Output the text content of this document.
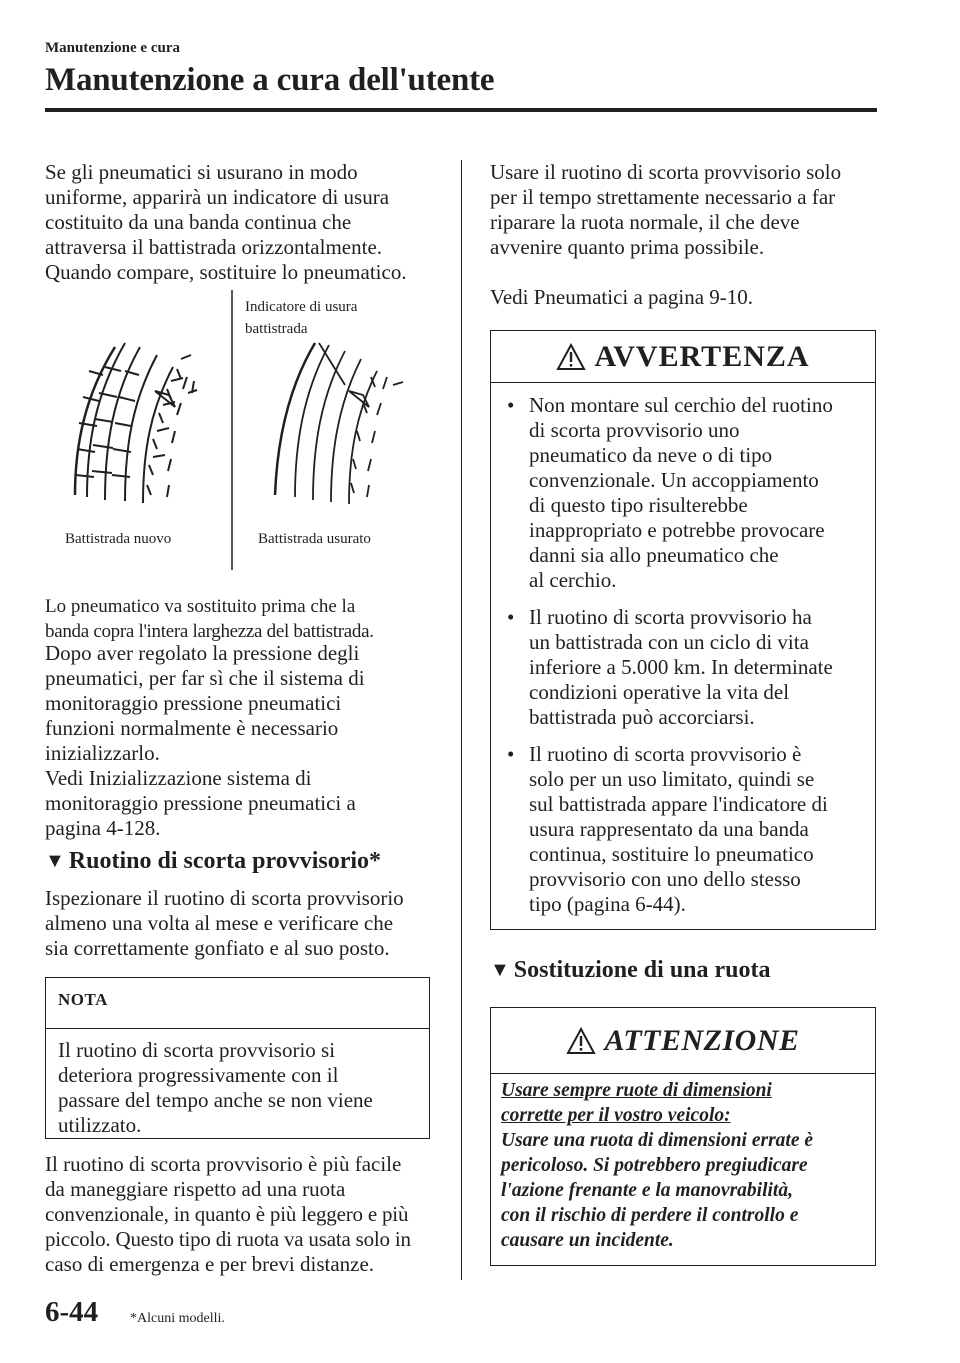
Manutenzione e cura
Manutenzione a cura dell'utente

Se gli pneumatici si usurano in modo

uniforme, apparirà un indicatore di usura

costituito da una banda continua che

attraversa il battistrada orizzontalmente.

Quando compare, sostituire lo pneumatico.

Indicatore di usura
battistrada
Battistrada nuovo	Battistrada usurato

Lo pneumatico va sostituito prima che la

banda copra l'intera larghezza del battistrada.

Dopo aver regolato la pressione degli

pneumatici, per far sì che il sistema di

monitoraggio pressione pneumatici

funzioni normalmente è necessario

inizializzarlo.

Vedi Inizializzazione sistema di

monitoraggio pressione pneumatici a

pagina 4-128.

▼ Ruotino di scorta provvisorio*

Ispezionare il ruotino di scorta provvisorio

almeno una volta al mese e verificare che

sia correttamente gonfiato e al suo posto.

NOTA
Il ruotino di scorta provvisorio si
deteriora progressivamente con il
passare del tempo anche se non viene
utilizzato.

Il ruotino di scorta provvisorio è più facile

da maneggiare rispetto ad una ruota

convenzionale, in quanto è più leggero e più

piccolo. Questo tipo di ruota va usata solo in

caso di emergenza e per brevi distanze.

Usare il ruotino di scorta provvisorio solo

per il tempo strettamente necessario a far

riparare la ruota normale, il che deve

avvenire quanto prima possibile.

Vedi Pneumatici a pagina 9-10.
AVVERTENZA
• Non montare sul cerchio del ruotino
di scorta provvisorio uno
pneumatico da neve o di tipo
convenzionale. Un accoppiamento
di questo tipo risulterebbe
inappropriato e potrebbe provocare
danni sia allo pneumatico che
al cerchio.
• Il ruotino di scorta provvisorio ha
un battistrada con un ciclo di vita
inferiore a 5.000 km. In determinate
condizioni operative la vita del
battistrada può accorciarsi.
• Il ruotino di scorta provvisorio è
solo per un uso limitato, quindi se
sul battistrada appare l'indicatore di
usura rappresentato da una banda
continua, sostituire lo pneumatico
provvisorio con uno dello stesso
tipo (pagina 6-44).
▼ Sostituzione di una ruota
ATTENZIONE
Usare sempre ruote di dimensioni
corrette per il vostro veicolo:
Usare una ruota di dimensioni errate è
pericoloso. Si potrebbero pregiudicare
l'azione frenante e la manovrabilità,
con il rischio di perdere il controllo e
causare un incidente.
6-44 *Alcuni modelli.
